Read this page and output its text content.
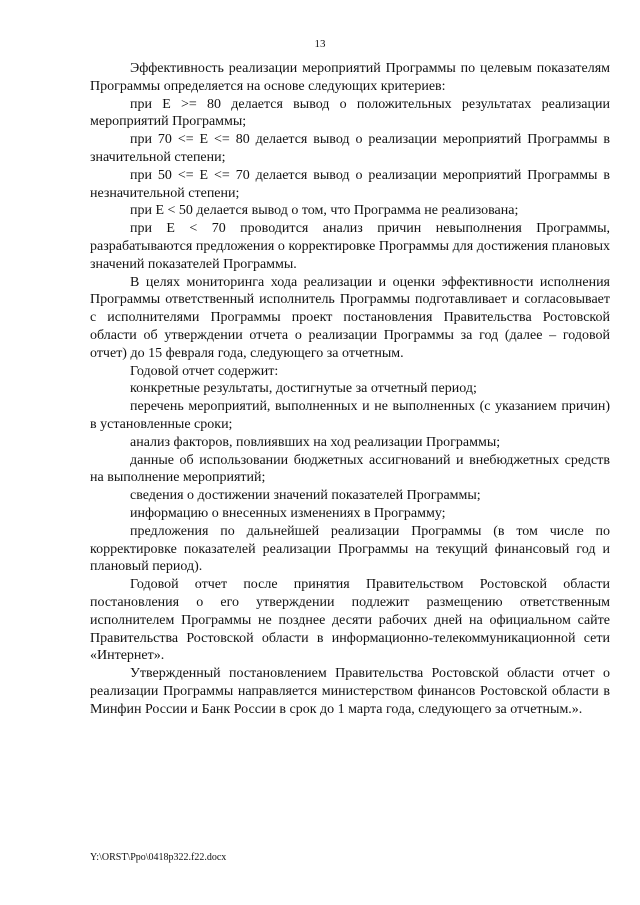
13

Эффективность реализации мероприятий Программы по целевым показателям Программы определяется на основе следующих критериев:

при E >= 80 делается вывод о положительных результатах реализации мероприятий Программы;

при 70 <= E <= 80 делается вывод о реализации мероприятий Программы в значительной степени;

при 50 <= E <= 70 делается вывод о реализации мероприятий Программы в незначительной степени;

при E < 50 делается вывод о том, что Программа не реализована;

при E < 70 проводится анализ причин невыполнения Программы, разрабатываются предложения о корректировке Программы для достижения плановых значений показателей Программы.

В целях мониторинга хода реализации и оценки эффективности исполнения Программы ответственный исполнитель Программы подготавливает и согласовывает с исполнителями Программы проект постановления Правительства Ростовской области об утверждении отчета о реализации Программы за год (далее – годовой отчет) до 15 февраля года, следующего за отчетным.

Годовой отчет содержит:

конкретные результаты, достигнутые за отчетный период;

перечень мероприятий, выполненных и не выполненных (с указанием причин) в установленные сроки;

анализ факторов, повлиявших на ход реализации Программы;

данные об использовании бюджетных ассигнований и внебюджетных средств на выполнение мероприятий;

сведения о достижении значений показателей Программы;

информацию о внесенных изменениях в Программу;

предложения по дальнейшей реализации Программы (в том числе по корректировке показателей реализации Программы на текущий финансовый год и плановый период).

Годовой отчет после принятия Правительством Ростовской области постановления о его утверждении подлежит размещению ответственным исполнителем Программы не позднее десяти рабочих дней на официальном сайте Правительства Ростовской области в информационно-телекоммуникационной сети «Интернет».

Утвержденный постановлением Правительства Ростовской области отчет о реализации Программы направляется министерством финансов Ростовской области в Минфин России и Банк России в срок до 1 марта года, следующего за отчетным.».

Y:\ORST\Ppo\0418p322.f22.docx
